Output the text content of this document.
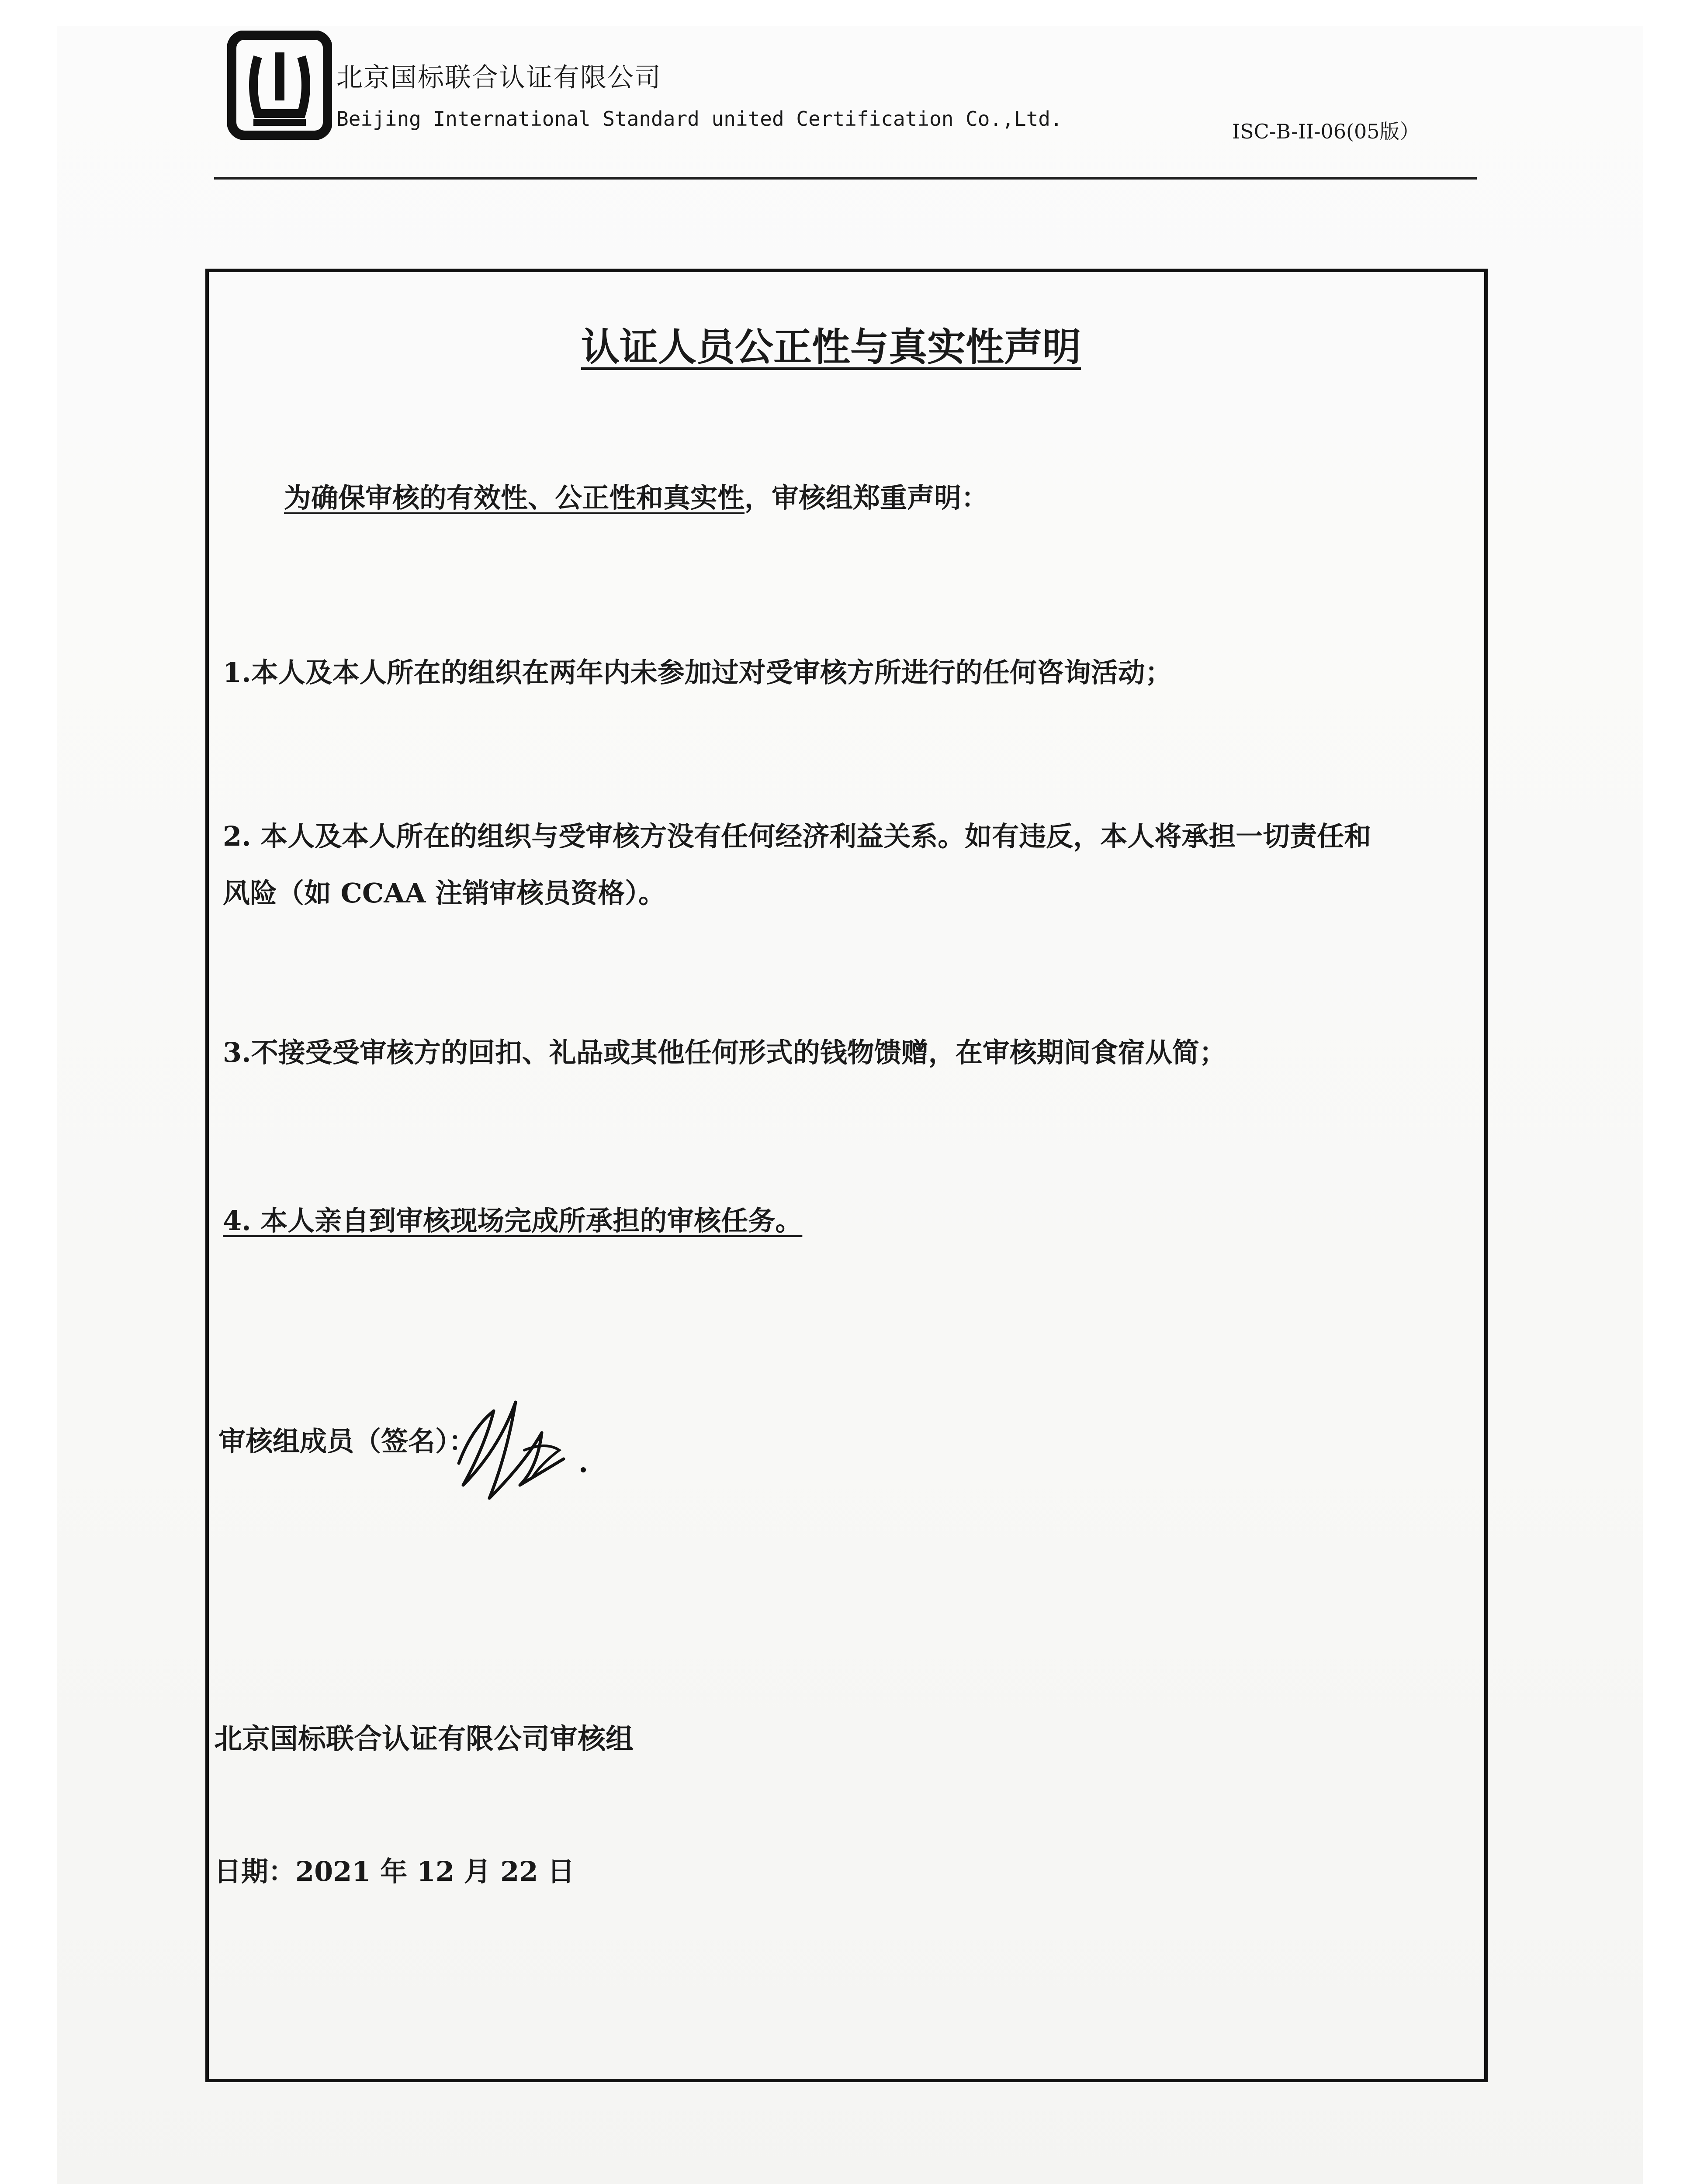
北京国标联合认证有限公司
Beijing International Standard united Certification Co.,Ltd.
ISC-B-II-06(05版）
认证人员公正性与真实性声明
为确保审核的有效性、公正性和真实性，审核组郑重声明：
1.本人及本人所在的组织在两年内未参加过对受审核方所进行的任何咨询活动；
2. 本人及本人所在的组织与受审核方没有任何经济利益关系。如有违反，本人将承担一切责任和
风险（如 CCAA 注销审核员资格）。
3.不接受受审核方的回扣、礼品或其他任何形式的钱物馈赠，在审核期间食宿从简；
4. 本人亲自到审核现场完成所承担的审核任务。
审核组成员（签名）：
北京国标联合认证有限公司审核组
日期：2021 年 12 月 22 日
